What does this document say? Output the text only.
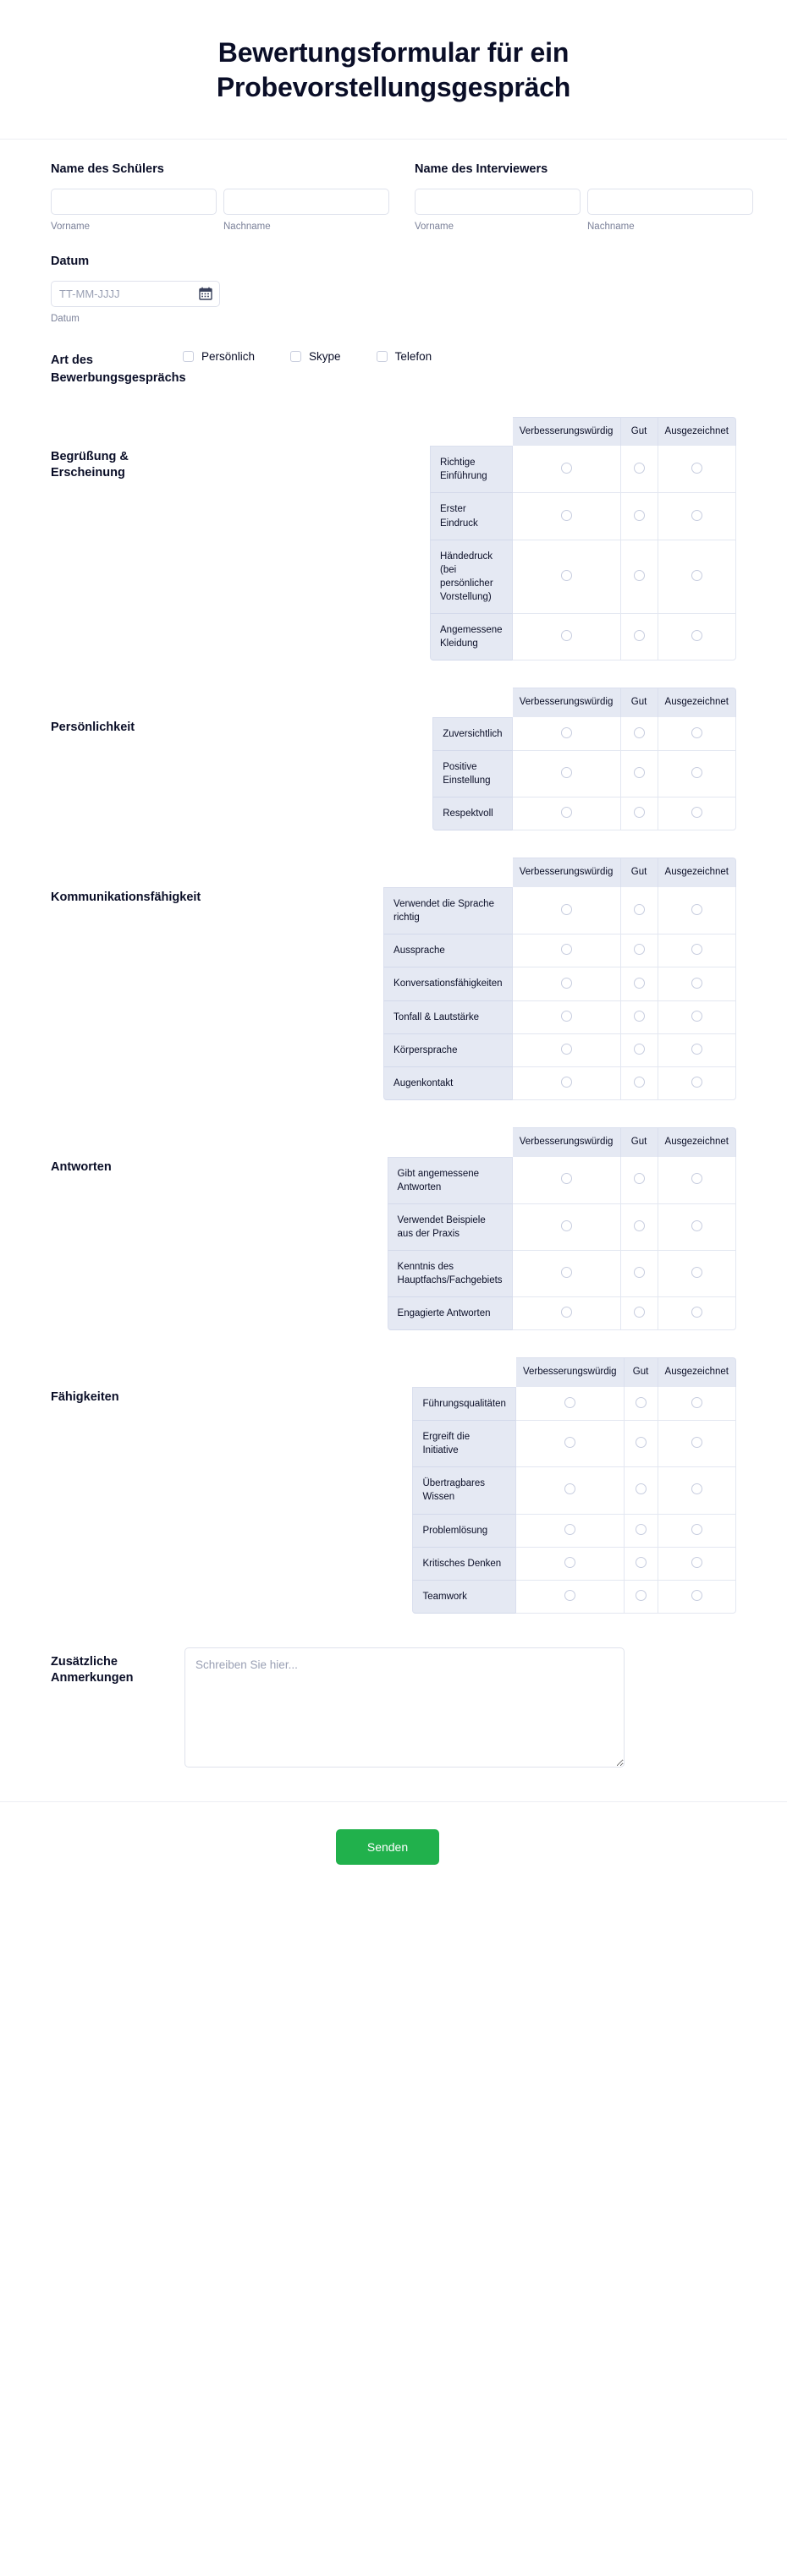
Bewertungsformular für ein Probevorstellungsgespräch
Name des Schülers
Vorname	Nachname
Name des Interviewers
Vorname	Nachname
Datum
TT-MM-JJJJ
Datum
Art des Bewerbungsgesprächs
Persönlich	Skype	Telefon
Begrüßung & Erscheinung
	Verbesserungswürdig	Gut	Ausgezeichnet
Richtige Einführung			
Erster Eindruck			
Händedruck (bei persönlicher Vorstellung)			
Angemessene Kleidung			
Persönlichkeit
	Verbesserungswürdig	Gut	Ausgezeichnet
Zuversichtlich			
Positive Einstellung			
Respektvoll			
Kommunikationsfähigkeit
	Verbesserungswürdig	Gut	Ausgezeichnet
Verwendet die Sprache richtig			
Aussprache			
Konversationsfähigkeiten			
Tonfall & Lautstärke			
Körpersprache			
Augenkontakt			
Antworten
	Verbesserungswürdig	Gut	Ausgezeichnet
Gibt angemessene Antworten			
Verwendet Beispiele aus der Praxis			
Kenntnis des Hauptfachs/Fachgebiets			
Engagierte Antworten			
Fähigkeiten
	Verbesserungswürdig	Gut	Ausgezeichnet
Führungsqualitäten			
Ergreift die Initiative			
Übertragbares Wissen			
Problemlösung			
Kritisches Denken			
Teamwork			
Zusätzliche Anmerkungen
Schreiben Sie hier...
Senden
